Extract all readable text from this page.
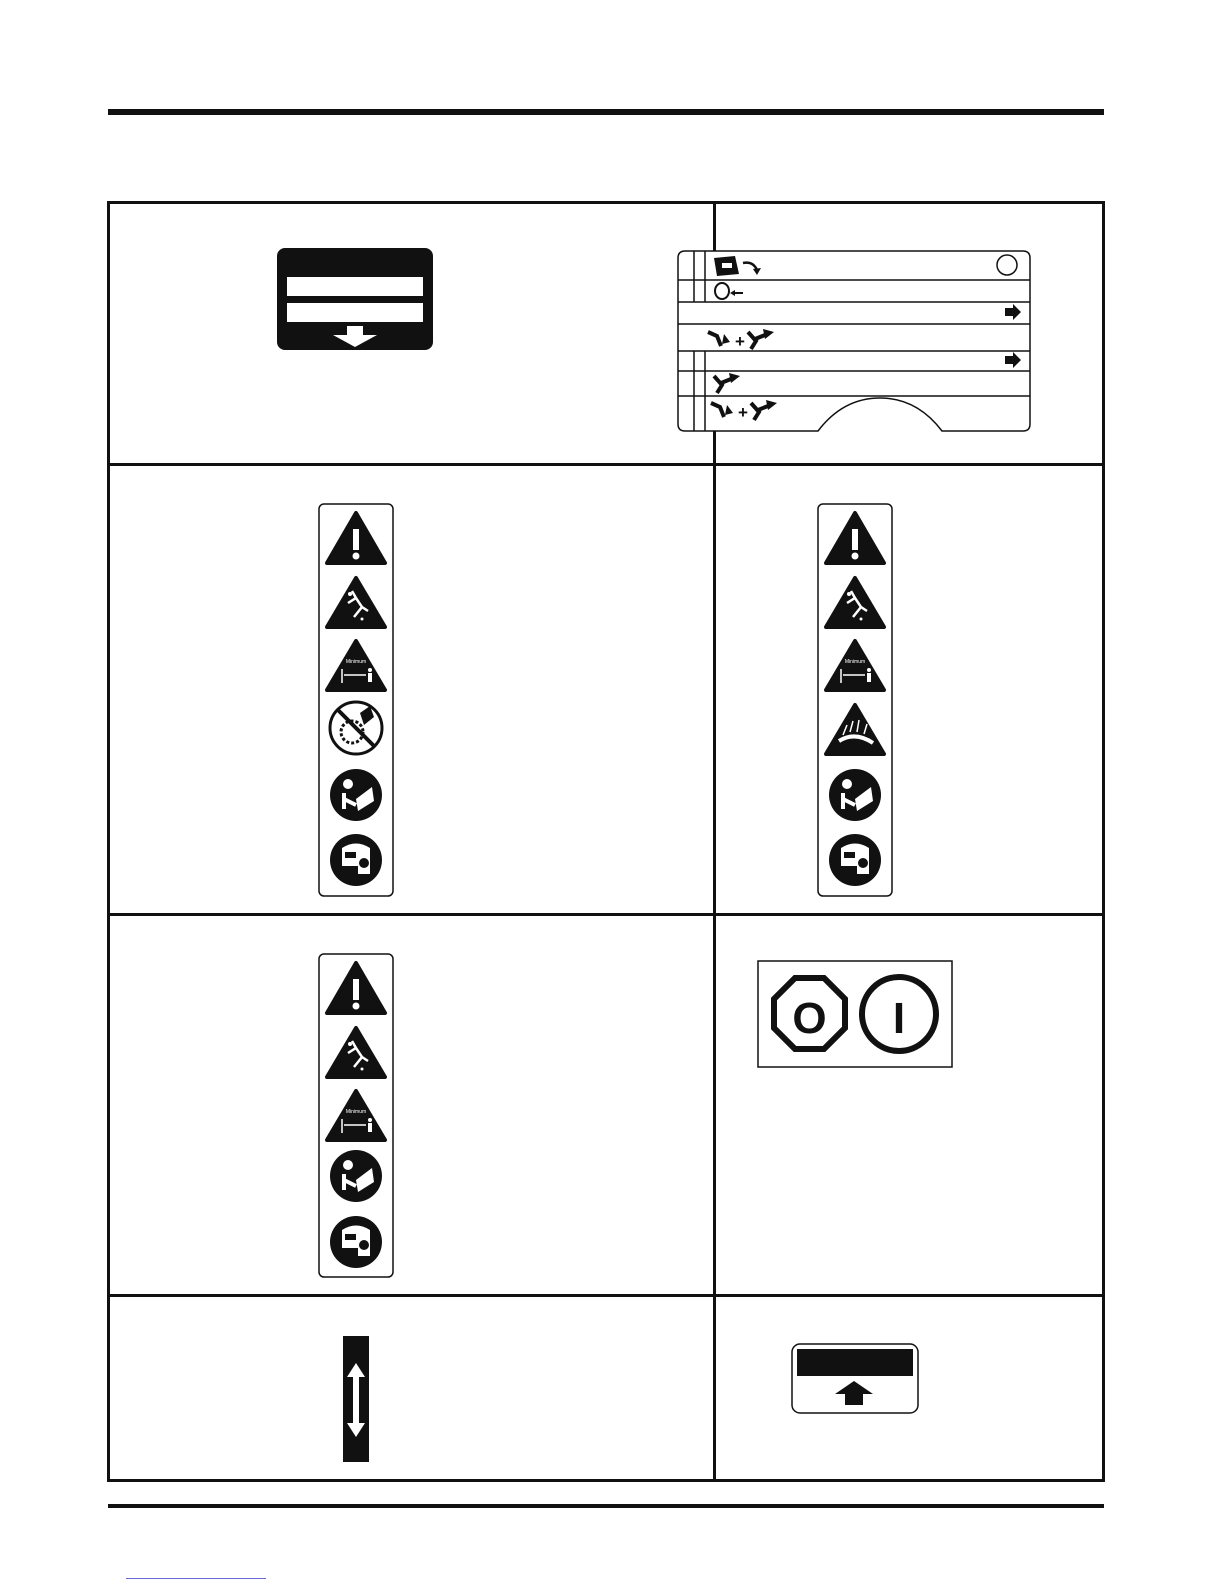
+
+
Minimum	Minimum
Minimum
O I
